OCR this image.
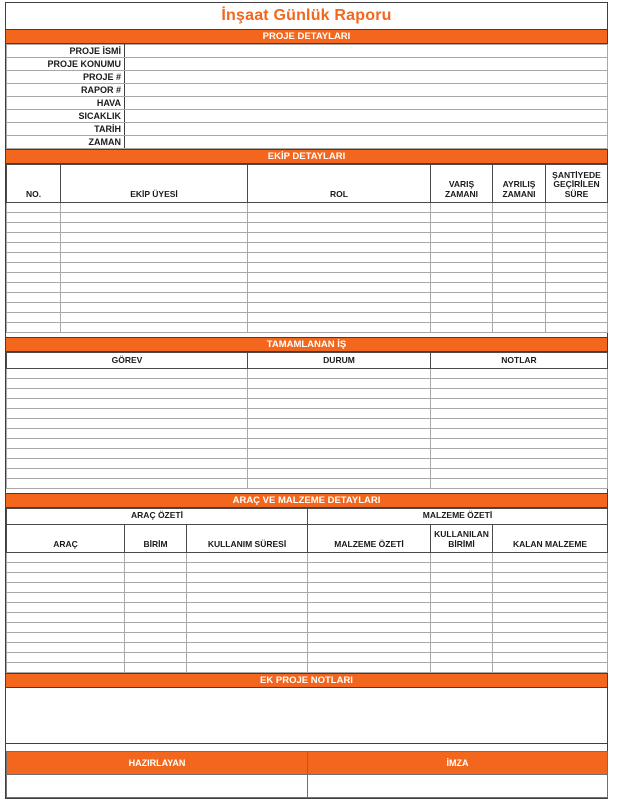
İnşaat Günlük Raporu
PROJE DETAYLARI
PROJE İSMİ	
PROJE KONUMU	
PROJE #	
RAPOR #	
HAVA	
SICAKLIK	
TARİH	
ZAMAN	
EKİP DETAYLARI
NO.	EKİP ÜYESİ	ROL	VARIŞ ZAMANI	AYRILIŞ ZAMANI	ŞANTİYEDE GEÇİRİLEN SÜRE

TAMAMLANAN İŞ
GÖREV	DURUM	NOTLAR

ARAÇ VE MALZEME DETAYLARI
ARAÇ ÖZETİ			MALZEME ÖZETİ		
ARAÇ	BİRİM	KULLANIM SÜRESİ	MALZEME ÖZETİ	KULLANILAN BİRİMİ	KALAN MALZEME

EK PROJE NOTLARI
HAZIRLAYAN	İMZA
